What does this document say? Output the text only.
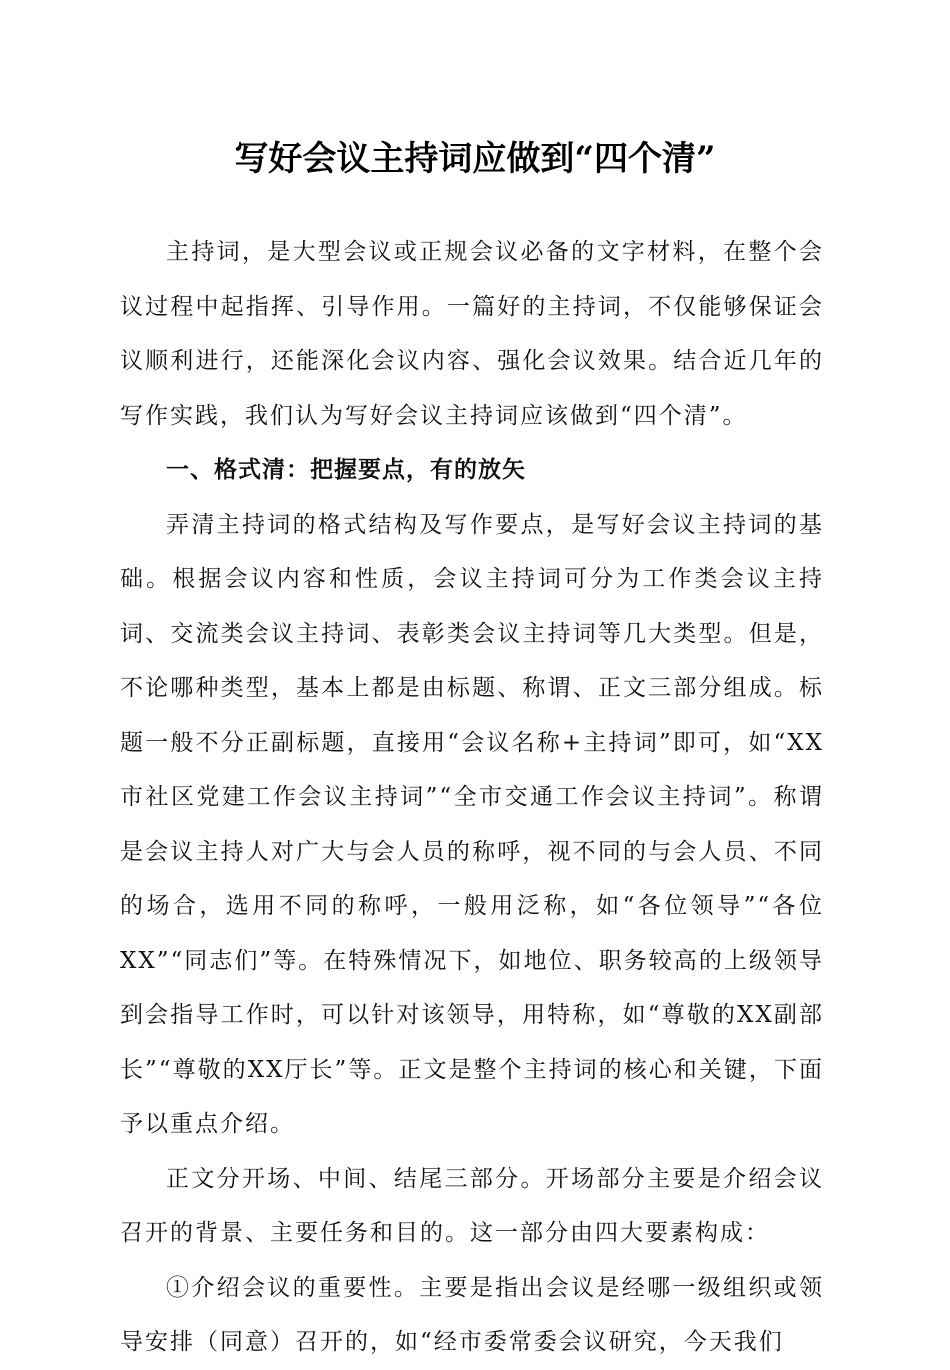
写好会议主持词应做到“四个清”

主持词，是大型会议或正规会议必备的文字材料，在整个会议过程中起指挥、引导作用。一篇好的主持词，不仅能够保证会议顺利进行，还能深化会议内容、强化会议效果。结合近几年的写作实践，我们认为写好会议主持词应该做到“四个清”。

一、格式清：把握要点，有的放矢

弄清主持词的格式结构及写作要点，是写好会议主持词的基础。根据会议内容和性质，会议主持词可分为工作类会议主持词、交流类会议主持词、表彰类会议主持词等几大类型。但是，不论哪种类型，基本上都是由标题、称谓、正文三部分组成。标题一般不分正副标题，直接用“会议名称+主持词”即可，如“XX市社区党建工作会议主持词”“全市交通工作会议主持词”。称谓是会议主持人对广大与会人员的称呼，视不同的与会人员、不同的场合，选用不同的称呼，一般用泛称，如“各位领导”“各位XX”“同志们”等。在特殊情况下，如地位、职务较高的上级领导到会指导工作时，可以针对该领导，用特称，如“尊敬的XX副部长”“尊敬的XX厅长”等。正文是整个主持词的核心和关键，下面予以重点介绍。

正文分开场、中间、结尾三部分。开场部分主要是介绍会议召开的背景、主要任务和目的。这一部分由四大要素构成：

①介绍会议的重要性。主要是指出会议是经哪一级组织或领导安排（同意）召开的，如“经市委常委会议研究，今天我们
